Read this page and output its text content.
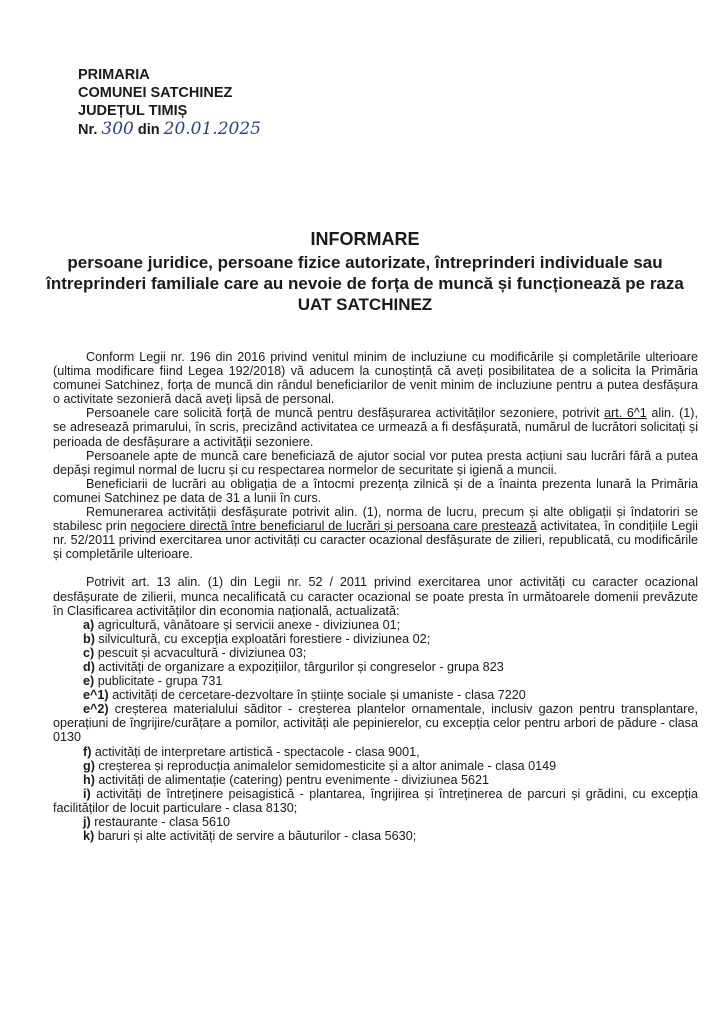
PRIMARIA
COMUNEI SATCHINEZ
JUDEȚUL TIMIȘ
Nr. 300 din 20.01.2025
INFORMARE
persoane juridice, persoane fizice autorizate, întreprinderi individuale sau întreprinderi familiale care au nevoie de forța de muncă și funcționează pe raza UAT SATCHINEZ

Conform Legii nr. 196 din 2016 privind venitul minim de incluziune cu modificările și completările ulterioare (ultima modificare fiind Legea 192/2018) vă aducem la cunoștință că aveți posibilitatea de a solicita la Primăria comunei Satchinez, forța de muncă din rândul beneficiarilor de venit minim de incluziune pentru a putea desfășura o activitate sezonieră dacă aveți lipsă de personal.

Persoanele care solicită forță de muncă pentru desfășurarea activităților sezoniere, potrivit art. 6^1 alin. (1), se adresează primarului, în scris, precizând activitatea ce urmează a fi desfășurată, numărul de lucrători solicitați și perioada de desfășurare a activității sezoniere.

Persoanele apte de muncă care beneficiază de ajutor social vor putea presta acțiuni sau lucrări fără a putea depăși regimul normal de lucru și cu respectarea normelor de securitate și igienă a muncii.

Beneficiarii de lucrări au obligația de a întocmi prezența zilnică și de a înainta prezenta lunară la Primăria comunei Satchinez pe data de 31 a lunii în curs.

Remunerarea activității desfășurate potrivit alin. (1), norma de lucru, precum și alte obligații și îndatoriri se stabilesc prin negociere directă între beneficiarul de lucrări și persoana care prestează activitatea, în condițiile Legii nr. 52/2011 privind exercitarea unor activități cu caracter ocazional desfășurate de zilieri, republicată, cu modificările și completările ulterioare.

Potrivit art. 13 alin. (1) din Legii nr. 52 / 2011 privind exercitarea unor activități cu caracter ocazional desfășurate de zilierii, munca necalificată cu caracter ocazional se poate presta în următoarele domenii prevăzute în Clasificarea activităților din economia națională, actualizată:

a) agricultură, vânătoare și servicii anexe - diviziunea 01;
b) silvicultură, cu excepția exploatări forestiere - diviziunea 02;
c) pescuit și acvacultură - diviziunea 03;
d) activități de organizare a expozițiilor, târgurilor și congreselor - grupa 823
e) publicitate - grupa 731
e^1) activități de cercetare-dezvoltare în științe sociale și umaniste - clasa 7220
e^2) creșterea materialului săditor - creșterea plantelor ornamentale, inclusiv gazon pentru transplantare, operațiuni de îngrijire/curățare a pomilor, activități ale pepinierelor, cu excepția celor pentru arbori de pădure - clasa 0130
f) activități de interpretare artistică - spectacole - clasa 9001,
g) creșterea și reproducția animalelor semidomesticite și a altor animale - clasa 0149
h) activități de alimentație (catering) pentru evenimente - diviziunea 5621
i) activități de întreținere peisagistică - plantarea, îngrijirea și întreținerea de parcuri și grădini, cu excepția facilităților de locuit particulare - clasa 8130;
j) restaurante - clasa 5610
k) baruri și alte activități de servire a băuturilor - clasa 5630;
